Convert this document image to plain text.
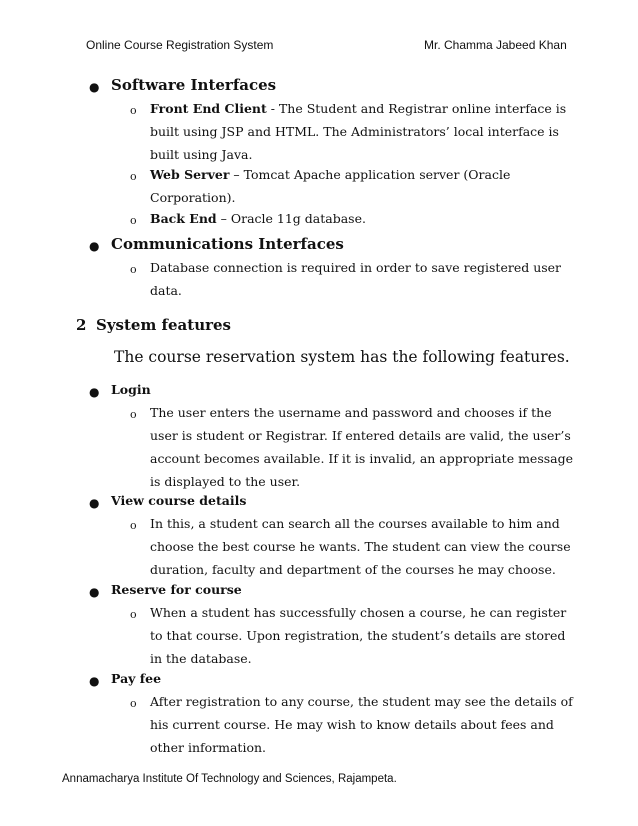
Online Course Registration System	Mr. Chamma Jabeed Khan
● Software Interfaces
o Front End Client - The Student and Registrar online interface is
built using JSP and HTML. The Administrators’ local interface is
built using Java.
o Web Server – Tomcat Apache application server (Oracle
Corporation).
o Back End – Oracle 11g database.
● Communications Interfaces
o Database connection is required in order to save registered user
data.
2 System features
The course reservation system has the following features.
● Login
o The user enters the username and password and chooses if the
user is student or Registrar. If entered details are valid, the user’s
account becomes available. If it is invalid, an appropriate message
is displayed to the user.
● View course details
o In this, a student can search all the courses available to him and
choose the best course he wants. The student can view the course
duration, faculty and department of the courses he may choose.
● Reserve for course
o When a student has successfully chosen a course, he can register
to that course. Upon registration, the student’s details are stored
in the database.
● Pay fee
o After registration to any course, the student may see the details of
his current course. He may wish to know details about fees and
other information.
Annamacharya Institute Of Technology and Sciences, Rajampeta.
